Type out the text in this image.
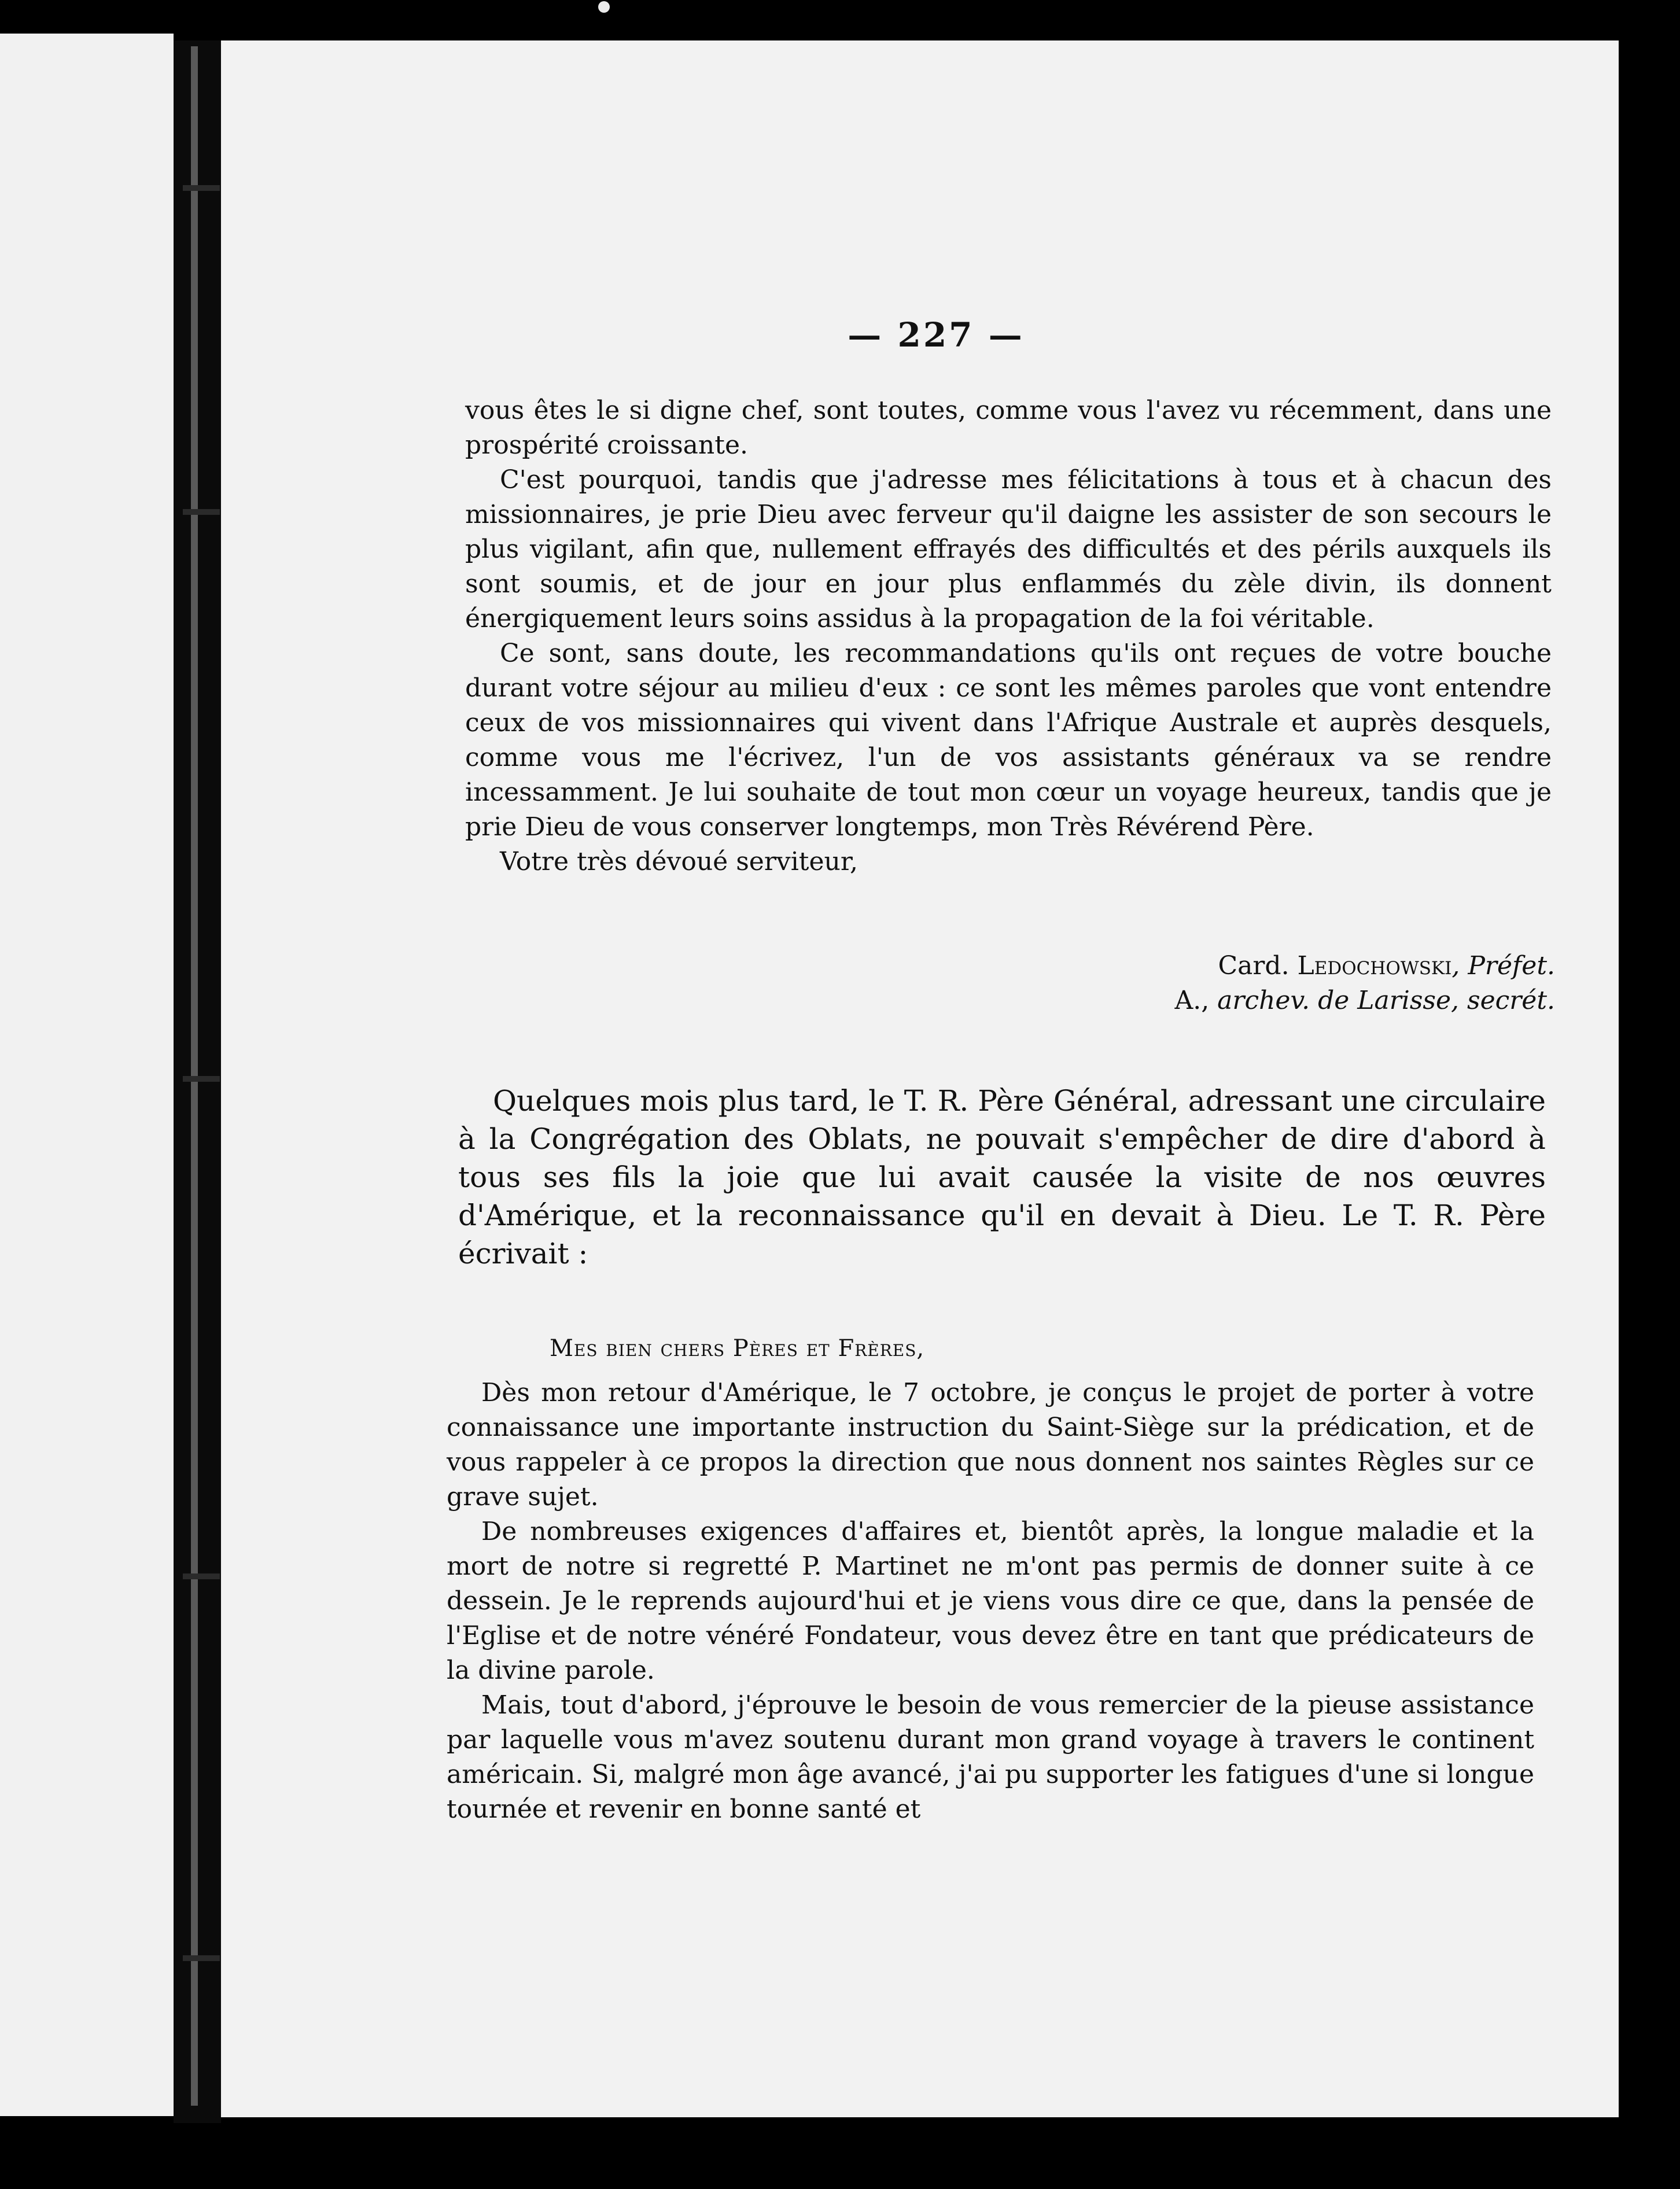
— 227 —

vous êtes le si digne chef, sont toutes, comme vous l'avez vu récemment, dans une prospérité croissante.

C'est pourquoi, tandis que j'adresse mes félicitations à tous et à chacun des missionnaires, je prie Dieu avec ferveur qu'il daigne les assister de son secours le plus vigilant, afin que, nullement effrayés des difficultés et des périls auxquels ils sont soumis, et de jour en jour plus enflammés du zèle divin, ils donnent énergiquement leurs soins assidus à la propagation de la foi véritable.

Ce sont, sans doute, les recommandations qu'ils ont reçues de votre bouche durant votre séjour au milieu d'eux : ce sont les mêmes paroles que vont entendre ceux de vos missionnaires qui vivent dans l'Afrique Australe et auprès desquels, comme vous me l'écrivez, l'un de vos assistants généraux va se rendre incessamment. Je lui souhaite de tout mon cœur un voyage heureux, tandis que je prie Dieu de vous conserver longtemps, mon Très Révérend Père.

Votre très dévoué serviteur,

Card. Ledochowski, Préfet.
A., archev. de Larisse, secrét.

Quelques mois plus tard, le T. R. Père Général, adressant une circulaire à la Congrégation des Oblats, ne pouvait s'empêcher de dire d'abord à tous ses fils la joie que lui avait causée la visite de nos œuvres d'Amérique, et la reconnaissance qu'il en devait à Dieu. Le T. R. Père écrivait :

Mes bien chers Pères et Frères,

Dès mon retour d'Amérique, le 7 octobre, je conçus le projet de porter à votre connaissance une importante instruction du Saint-Siège sur la prédication, et de vous rappeler à ce propos la direction que nous donnent nos saintes Règles sur ce grave sujet.

De nombreuses exigences d'affaires et, bientôt après, la longue maladie et la mort de notre si regretté P. Martinet ne m'ont pas permis de donner suite à ce dessein. Je le reprends aujourd'hui et je viens vous dire ce que, dans la pensée de l'Eglise et de notre vénéré Fondateur, vous devez être en tant que prédicateurs de la divine parole.

Mais, tout d'abord, j'éprouve le besoin de vous remercier de la pieuse assistance par laquelle vous m'avez soutenu durant mon grand voyage à travers le continent américain. Si, malgré mon âge avancé, j'ai pu supporter les fatigues d'une si longue tournée et revenir en bonne santé et
